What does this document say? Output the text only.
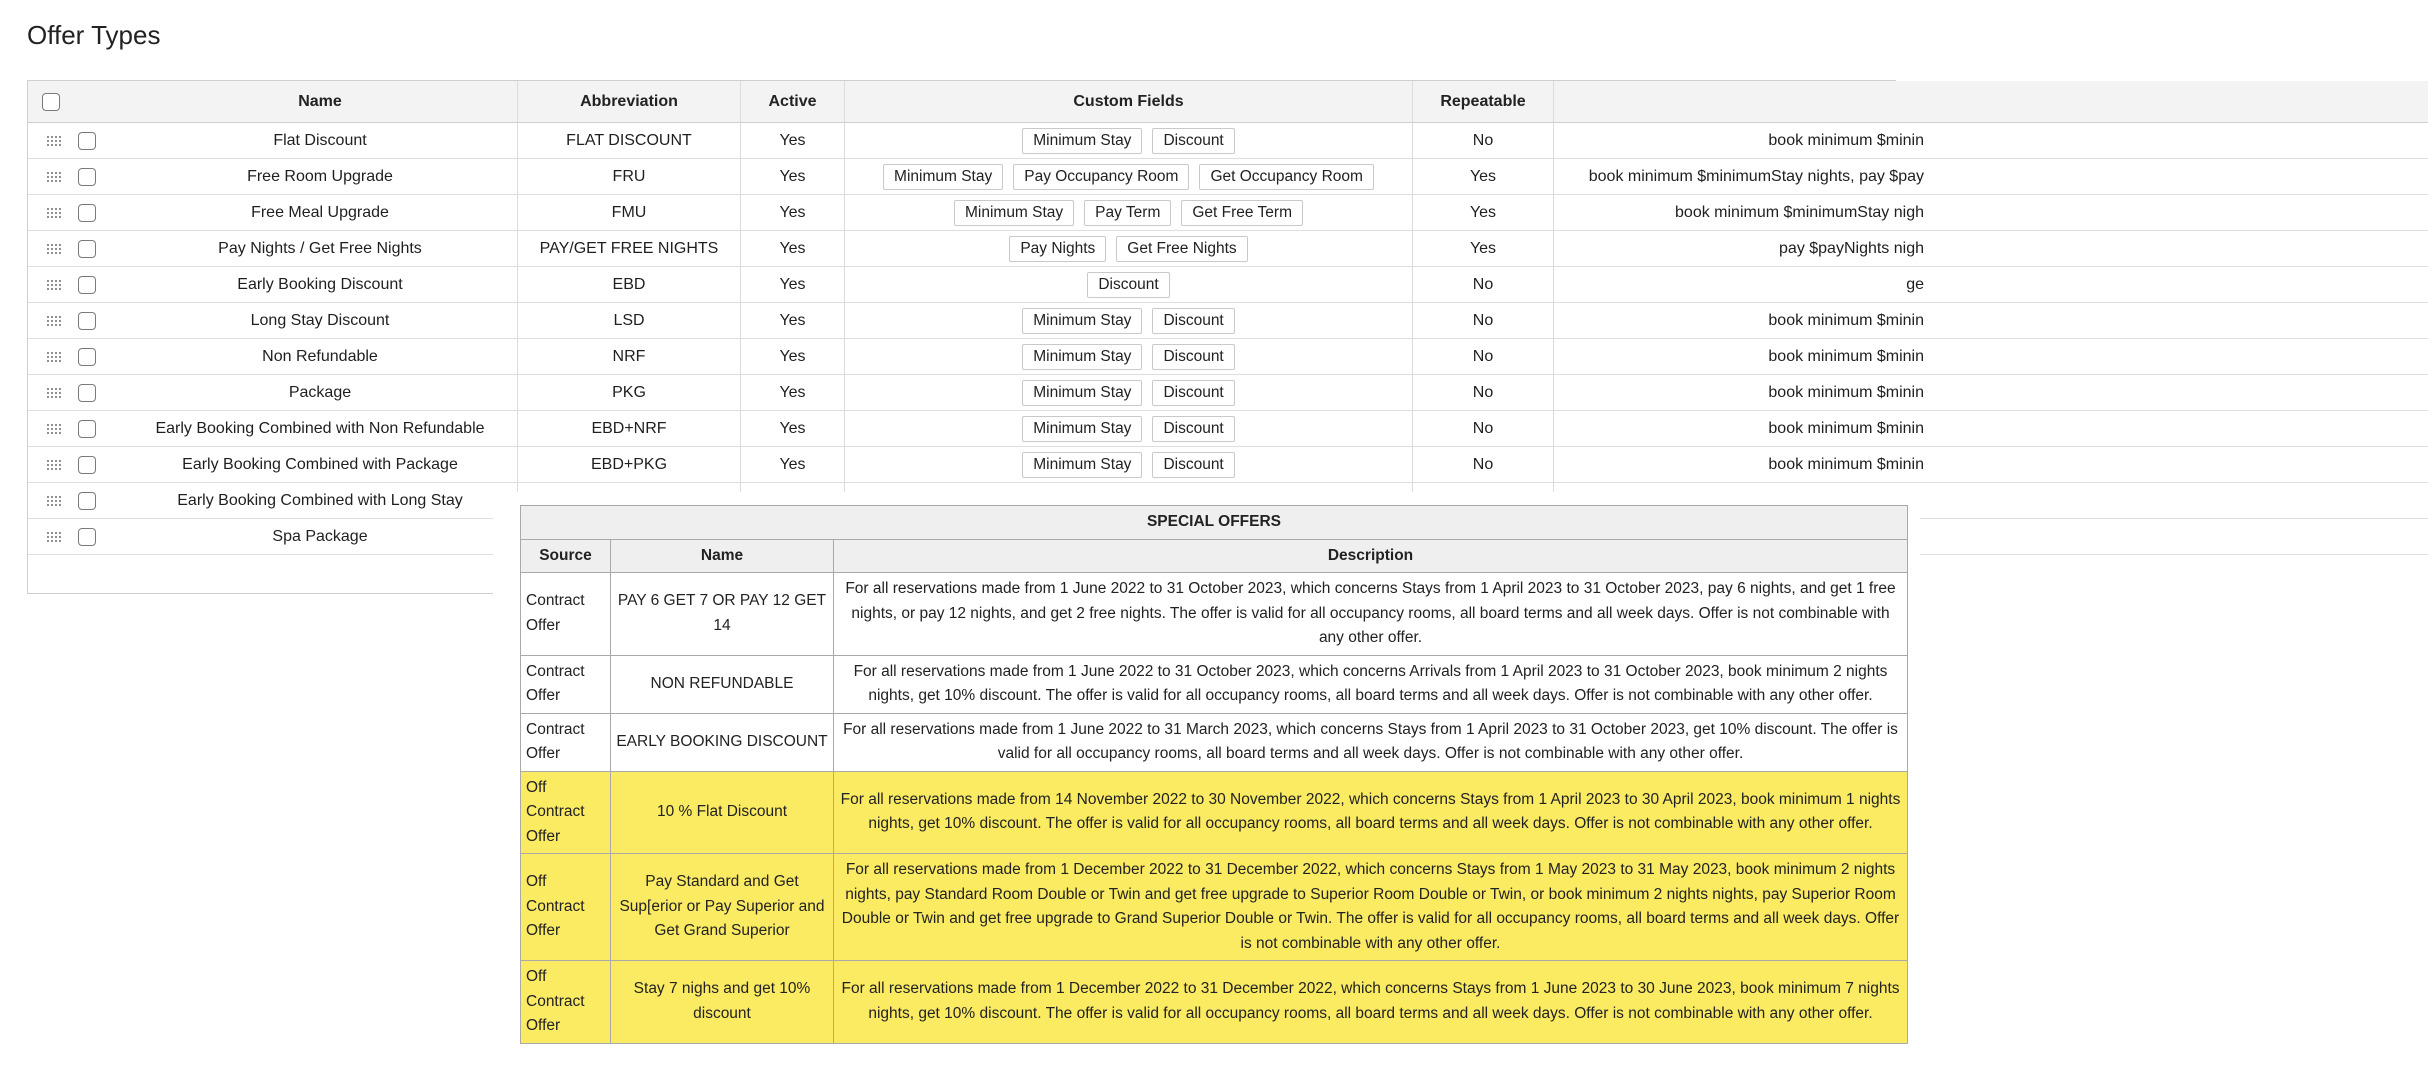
Offer Types
Name	Abbreviation	Active	Custom Fields	Repeatable
Flat Discount	FLAT DISCOUNT	Yes	Minimum Stay	Discount	No	book minimum $minin
Free Room Upgrade	FRU	Yes	Minimum Stay	Pay Occupancy Room	Get Occupancy Room	Yes	book minimum $minimumStay nights, pay $pay
Free Meal Upgrade	FMU	Yes	Minimum Stay	Pay Term	Get Free Term	Yes	book minimum $minimumStay nigh
Pay Nights / Get Free Nights	PAY/GET FREE NIGHTS	Yes	Pay Nights	Get Free Nights	Yes	pay $payNights nigh
Early Booking Discount	EBD	Yes	Discount	No	ge
Long Stay Discount	LSD	Yes	Minimum Stay	Discount	No	book minimum $minin
Non Refundable	NRF	Yes	Minimum Stay	Discount	No	book minimum $minin
Package	PKG	Yes	Minimum Stay	Discount	No	book minimum $minin
Early Booking Combined with Non Refundable	EBD+NRF	Yes	Minimum Stay	Discount	No	book minimum $minin
Early Booking Combined with Package	EBD+PKG	Yes	Minimum Stay	Discount	No	book minimum $minin
Early Booking Combined with Long Stay
Spa Package
SPECIAL OFFERS		
Source	Name	Description
Contract Offer	PAY 6 GET 7 OR PAY 12 GET 14	For all reservations made from 1 June 2022 to 31 October 2023, which concerns Stays from 1 April 2023 to 31 October 2023, pay 6 nights, and get 1 free nights, or pay 12 nights, and get 2 free nights. The offer is valid for all occupancy rooms, all board terms and all week days. Offer is not combinable with any other offer.
Contract Offer	NON REFUNDABLE	For all reservations made from 1 June 2022 to 31 October 2023, which concerns Arrivals from 1 April 2023 to 31 October 2023, book minimum 2 nights nights, get 10% discount. The offer is valid for all occupancy rooms, all board terms and all week days. Offer is not combinable with any other offer.
Contract Offer	EARLY BOOKING DISCOUNT	For all reservations made from 1 June 2022 to 31 March 2023, which concerns Stays from 1 April 2023 to 31 October 2023, get 10% discount. The offer is valid for all occupancy rooms, all board terms and all week days. Offer is not combinable with any other offer.
Off Contract Offer	10 % Flat Discount	For all reservations made from 14 November 2022 to 30 November 2022, which concerns Stays from 1 April 2023 to 30 April 2023, book minimum 1 nights nights, get 10% discount. The offer is valid for all occupancy rooms, all board terms and all week days. Offer is not combinable with any other offer.
Off Contract Offer	Pay Standard and Get Sup[erior or Pay Superior and Get Grand Superior	For all reservations made from 1 December 2022 to 31 December 2022, which concerns Stays from 1 May 2023 to 31 May 2023, book minimum 2 nights nights, pay Standard Room Double or Twin and get free upgrade to Superior Room Double or Twin, or book minimum 2 nights nights, pay Superior Room Double or Twin and get free upgrade to Grand Superior Double or Twin. The offer is valid for all occupancy rooms, all board terms and all week days. Offer is not combinable with any other offer.
Off Contract Offer	Stay 7 nighs and get 10% discount	For all reservations made from 1 December 2022 to 31 December 2022, which concerns Stays from 1 June 2023 to 30 June 2023, book minimum 7 nights nights, get 10% discount. The offer is valid for all occupancy rooms, all board terms and all week days. Offer is not combinable with any other offer.
